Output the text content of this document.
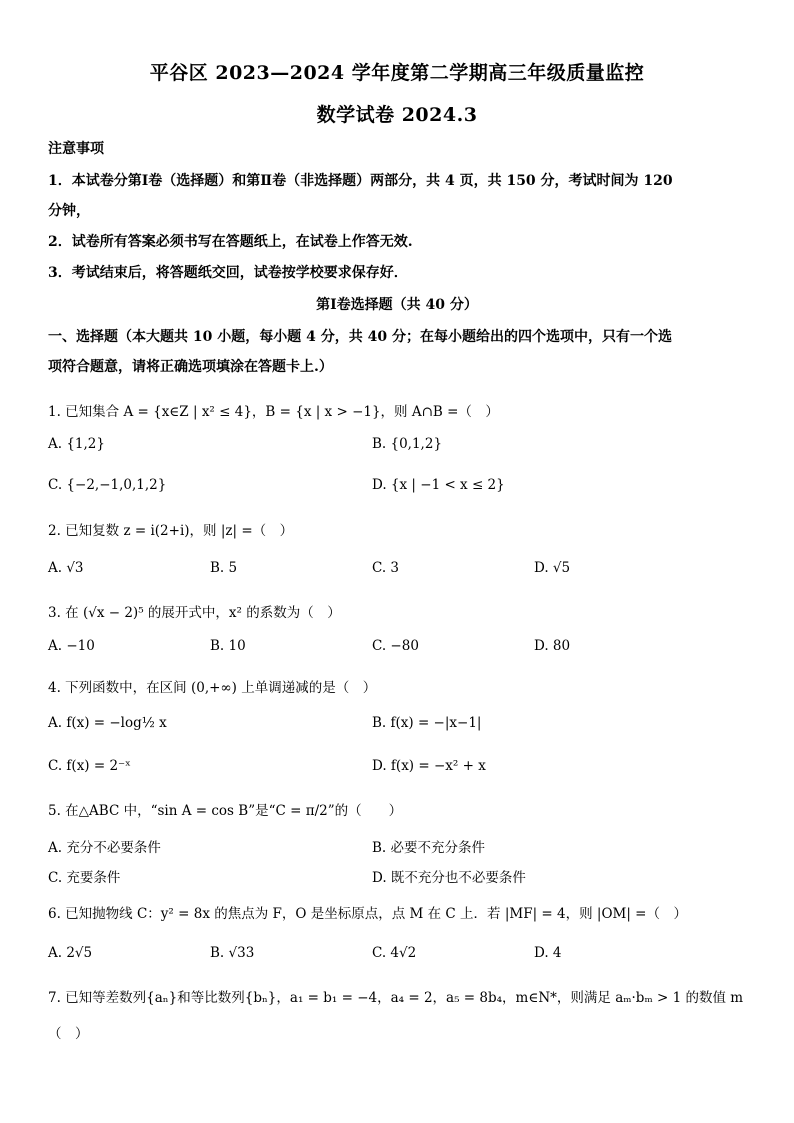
平谷区 2023—2024 学年度第二学期高三年级质量监控
数学试卷 2024.3
注意事项
1．本试卷分第Ⅰ卷（选择题）和第Ⅱ卷（非选择题）两部分，共 4 页，共 150 分，考试时间为 120
分钟，
2．试卷所有答案必须书写在答题纸上，在试卷上作答无效.
3．考试结束后，将答题纸交回，试卷按学校要求保存好．
第Ⅰ卷选择题（共 40 分）
一、选择题（本大题共 10 小题，每小题 4 分，共 40 分；在每小题给出的四个选项中，只有一个选
项符合题意，请将正确选项填涂在答题卡上.）
1. 已知集合 A = {x∈Z | x² ≤ 4}，B = {x | x > −1}，则 A∩B =（　）
A. {1,2}	B. {0,1,2}
C. {−2,−1,0,1,2}	D. {x | −1 < x ≤ 2}
2. 已知复数 z = i(2+i)，则 |z| =（　）
A. √3	B. 5	C. 3	D. √5
3. 在 (√x − 2)⁵ 的展开式中，x² 的系数为（　）
A. −10	B. 10	C. −80	D. 80
4. 下列函数中，在区间 (0,+∞) 上单调递减的是（　）
A. f(x) = −log½ x	B. f(x) = −|x−1|
C. f(x) = 2⁻ˣ	D. f(x) = −x² + x
5. 在△ABC 中，“sin A = cos B”是“C = π/2”的（　　）
A. 充分不必要条件	B. 必要不充分条件
C. 充要条件	D. 既不充分也不必要条件
6. 已知抛物线 C：y² = 8x 的焦点为 F，O 是坐标原点，点 M 在 C 上．若 |MF| = 4，则 |OM| =（　）
A. 2√5	B. √33	C. 4√2	D. 4
7. 已知等差数列{aₙ}和等比数列{bₙ}，a₁ = b₁ = −4，a₄ = 2，a₅ = 8b₄，m∈N*，则满足 aₘ·bₘ > 1 的数值 m
（　）
